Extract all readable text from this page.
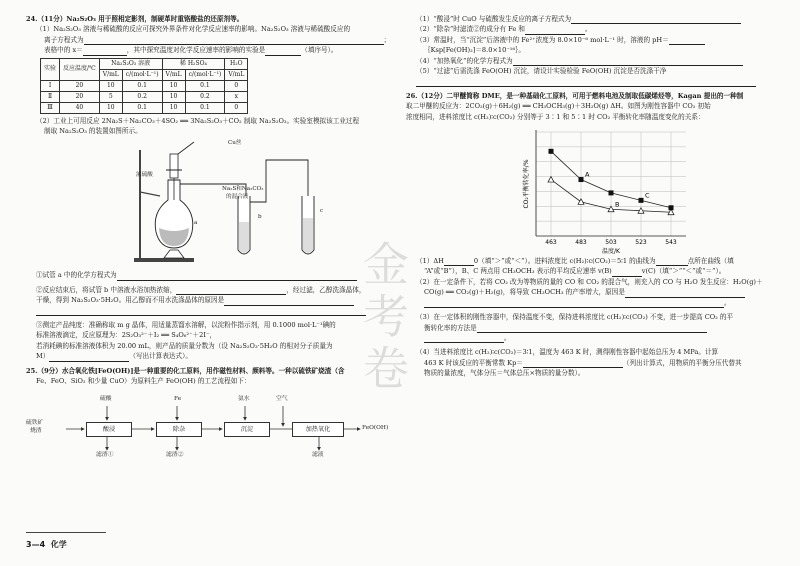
24.（11分）Na₂S₂O₃ 用于照相定影剂，制硬革时重铬酸盐的还原剂等。

（1）Na₂S₂O₃ 溶液与稀硫酸的反应可探究外界条件对化学反应速率的影响。Na₂S₂O₃ 溶液与稀硫酸反应的

离子方程式为	；

表格中的 x＝	，其中探究温度对化学反应速率的影响的实验是	（填序号）。

实验	反应温度/℃	Na₂S₂O₃ 溶液		稀 H₂SO₄		H₂O
		V/mL	c/(mol·L⁻¹)	V/mL	c/(mol·L⁻¹)	V/mL
Ⅰ	20	10	0.1	10	0.1	0
Ⅱ	20	5	0.2	10	0.2	x
Ⅲ	40	10	0.1	10	0.1	0

（2）工业上可用反应 2Na₂S＋Na₂CO₃＋4SO₂ ══ 3Na₂S₂O₃＋CO₂ 制取 Na₂S₂O₃。实验室模拟该工业过程

制取 Na₂S₂O₃ 的装置如图所示。

Cu丝
浓硫酸
Na₂S和Na₂CO₃
的混合液
a
b
c

①试管 a 中的化学方程式为

②反应结束后，将试管 b 中溶液水浴加热浓缩，	，经过滤，乙醇洗涤晶体，

干燥，得到 Na₂S₂O₃·5H₂O。用乙醇而不用水洗涤晶体的原因是

③测定产品纯度：准确称取 m g 晶体，用适量蒸馏水溶解，以淀粉作指示剂，用 0.1000 mol·L⁻¹碘的

标准溶液滴定，反应原理为：2S₂O₃²⁻＋I₂ ══ S₄O₆²⁻＋2I⁻，

若消耗碘的标准溶液体积为 20.00 mL，则产品的质量分数为（设 Na₂S₂O₃·5H₂O 的相对分子质量为

M）	（写出计算表达式）。

25.（9分）水合氧化铁[FeO(OH)]是一种重要的化工原料，用作磁性材料、颜料等。一种以硫铁矿烧渣（含

Fe、FeO、SiO₂ 和少量 CuO）为原料生产 FeO(OH) 的工艺流程如下：

硫铁矿
烧渣	酸浸	除杂	沉淀	加热氧化
硫酸	Fe	氨水	空气
滤渣①	滤渣②	滤液
FeO(OH)

（1）“酸浸”时 CuO 与硫酸发生反应的离子方程式为

（2）“除杂”时滤渣②的成分有 Fe 和	。

（3）常温时，当“沉淀”后溶液中的 Fe²⁺浓度为 8.0×10⁻⁶ mol·L⁻¹ 时，溶液的 pH＝

｛Ksp[Fe(OH)₂]＝8.0×10⁻¹⁶｝。

（4）“加热氧化”的化学方程式为

（5）“过滤”后需洗涤 FeO(OH) 沉淀，请设计实验检验 FeO(OH) 沉淀是否洗涤干净

26.（12分）二甲醚简称 DME，是一种基础化工原料，可用于燃料电池及制取低碳烯烃等，Kagan 提出的一种制

取二甲醚的反应为：2CO₂(g)＋6H₂(g) ══ CH₃OCH₃(g)＋3H₂O(g) ΔH。如图为刚性容器中 CO₂ 初始

浓度相同，进料浓度比 c(H₂)∶c(CO₂) 分别等于 3∶1 和 5∶1 时 CO₂ 平衡转化率随温度变化的关系：

463	483	503	523	543
温度/K
CO₂平衡转化率/%	A
B
C

（1）ΔH	0（填“＞”或“＜”）。进料浓度比 c(H₂)∶c(CO₂)＝5∶1 的曲线为	点所在曲线（填

“A”或“B”），B、C 两点用 CH₃OCH₃ 表示的平均反应速率 v(B)	v(C)（填“＞”“＜”或“＝”）。

（2）在一定条件下，若将 CO₂ 改为等物质的量的 CO 和 CO₂ 的混合气，则充入的 CO 与 H₂O 发生反应：H₂O(g)＋

CO(g) ══ CO₂(g)＋H₂(g)，将导致 CH₃OCH₃ 的产率增大，原因是

。

（3）在一定体积的刚性容器中，保持温度不变，保持进料浓度比 c(H₂)∶c(CO₂) 不变，进一步提高 CO₂ 的平

衡转化率的方法是

。

（4）当进料浓度比 c(H₂)∶c(CO₂)＝3∶1，温度为 463 K 时，测得刚性容器中起始总压为 4 MPa。计算

463 K 时该反应的平衡常数 Kp＝	（列出计算式，用物质的平衡分压代替其

物质的量浓度，气体分压＝气体总压×物质的量分数）。

金考卷
3—4 化学
